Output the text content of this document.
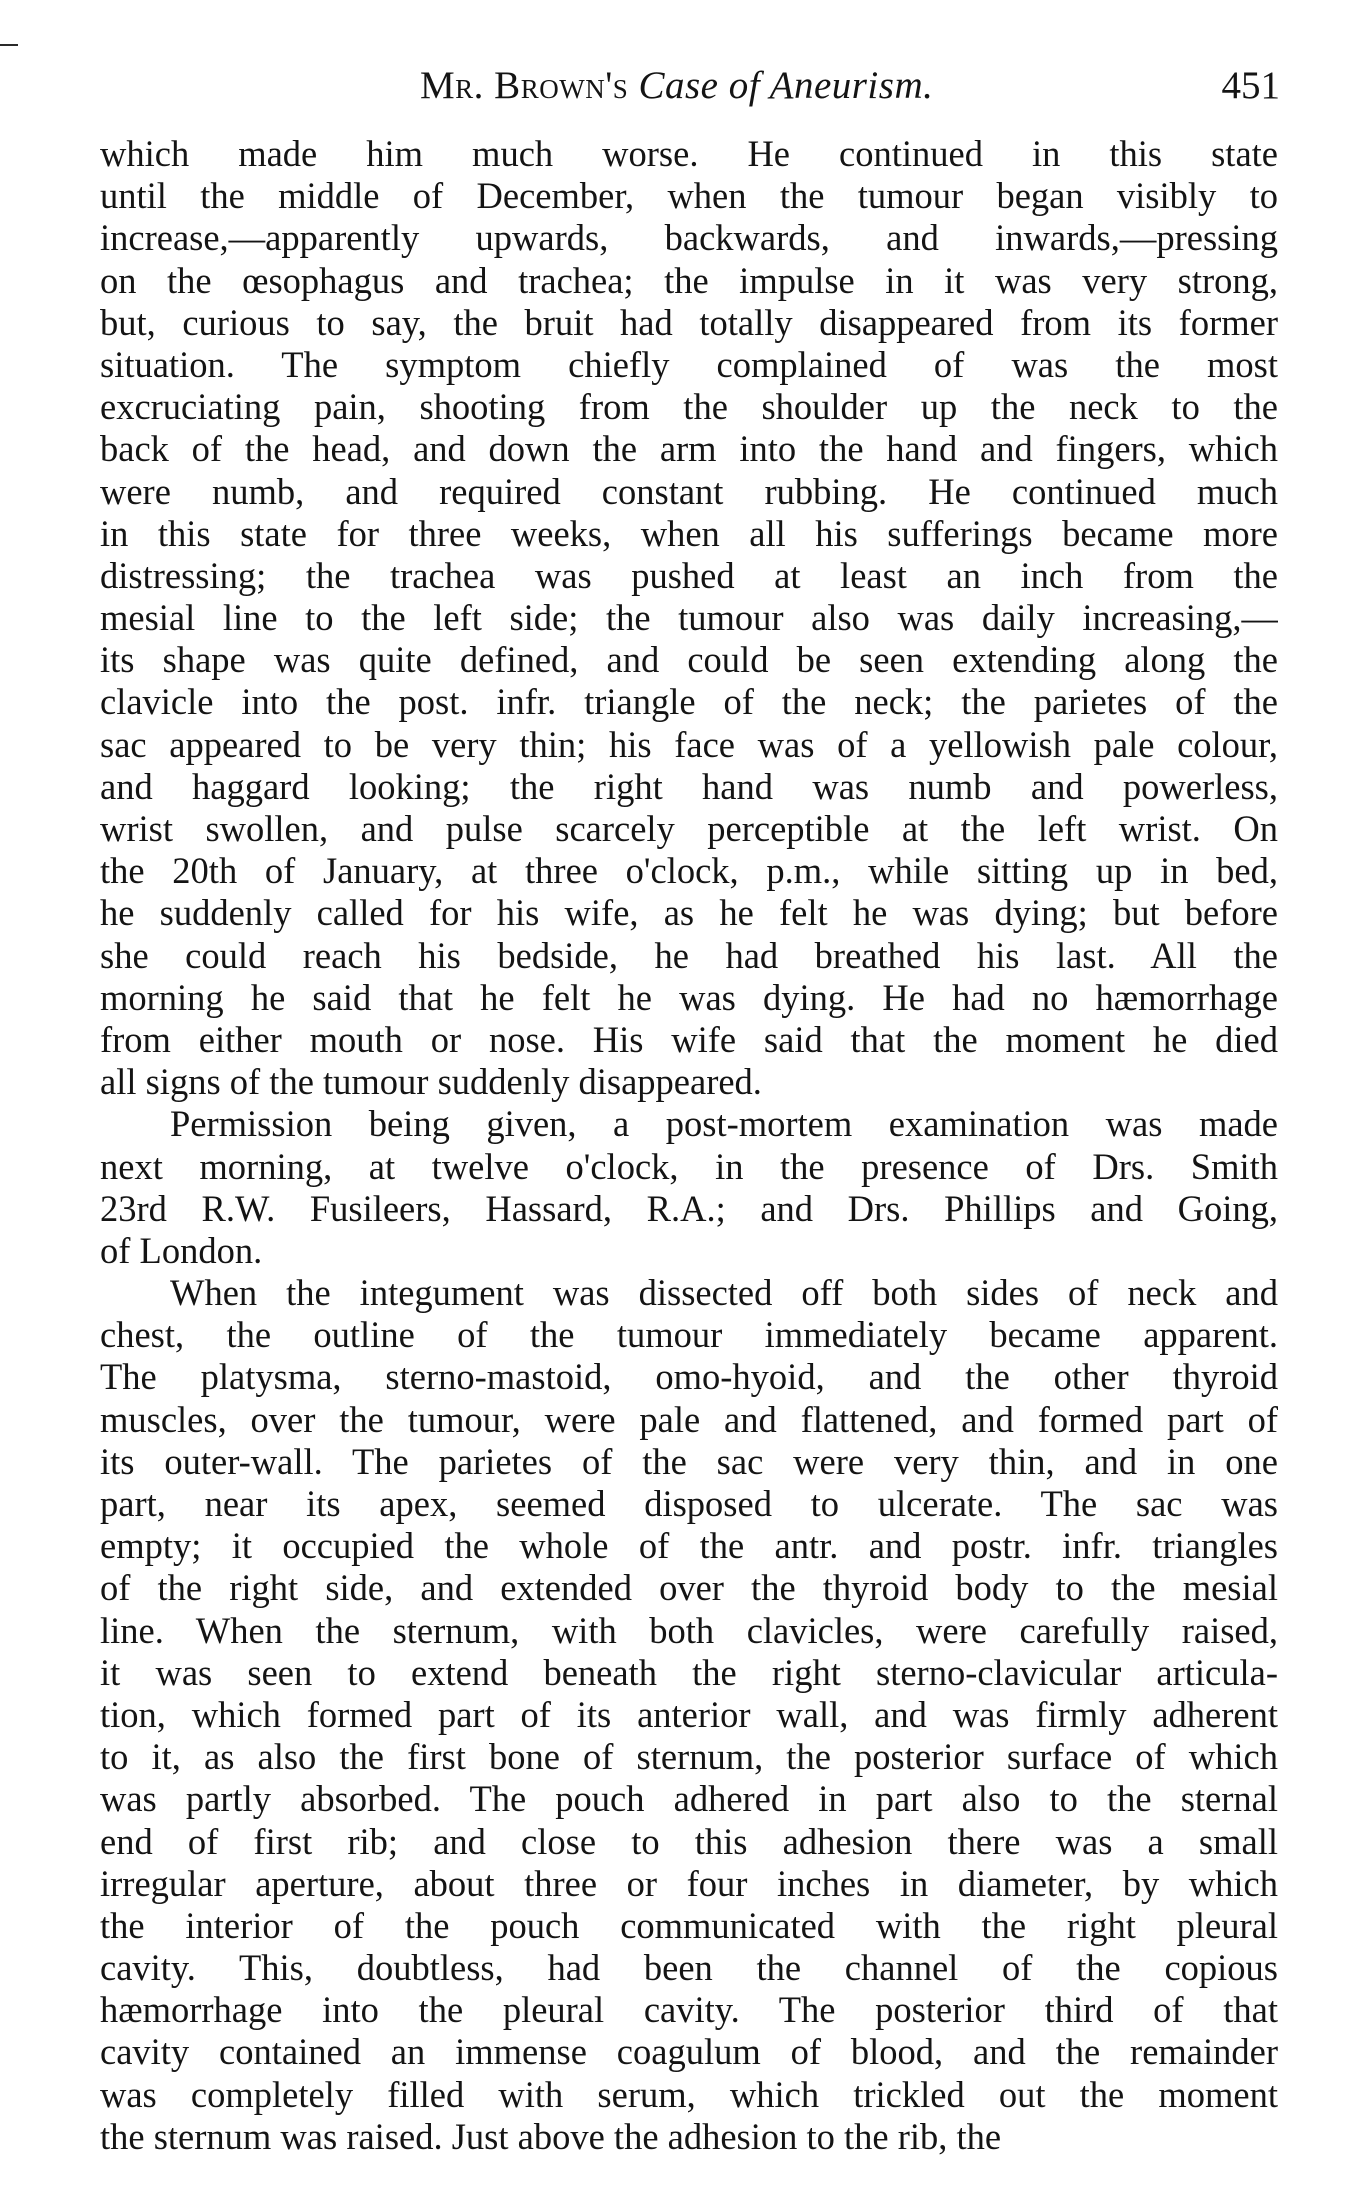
Mr. Brown's Case of Aneurism.	451
which made him much worse. He continued in this state
until the middle of December, when the tumour began visibly to
increase,—apparently upwards, backwards, and inwards,—pressing
on the œsophagus and trachea; the impulse in it was very strong,
but, curious to say, the bruit had totally disappeared from its former
situation. The symptom chiefly complained of was the most
excruciating pain, shooting from the shoulder up the neck to the
back of the head, and down the arm into the hand and fingers, which
were numb, and required constant rubbing. He continued much
in this state for three weeks, when all his sufferings became more
distressing; the trachea was pushed at least an inch from the
mesial line to the left side; the tumour also was daily increasing,—
its shape was quite defined, and could be seen extending along the
clavicle into the post. infr. triangle of the neck; the parietes of the
sac appeared to be very thin; his face was of a yellowish pale colour,
and haggard looking; the right hand was numb and powerless,
wrist swollen, and pulse scarcely perceptible at the left wrist. On
the 20th of January, at three o'clock, p.m., while sitting up in bed,
he suddenly called for his wife, as he felt he was dying; but before
she could reach his bedside, he had breathed his last. All the
morning he said that he felt he was dying. He had no hæmorrhage
from either mouth or nose. His wife said that the moment he died
all signs of the tumour suddenly disappeared.
Permission being given, a post-mortem examination was made
next morning, at twelve o'clock, in the presence of Drs. Smith
23rd R.W. Fusileers, Hassard, R.A.; and Drs. Phillips and Going,
of London.
When the integument was dissected off both sides of neck and
chest, the outline of the tumour immediately became apparent.
The platysma, sterno-mastoid, omo-hyoid, and the other thyroid
muscles, over the tumour, were pale and flattened, and formed part of
its outer-wall. The parietes of the sac were very thin, and in one
part, near its apex, seemed disposed to ulcerate. The sac was
empty; it occupied the whole of the antr. and postr. infr. triangles
of the right side, and extended over the thyroid body to the mesial
line. When the sternum, with both clavicles, were carefully raised,
it was seen to extend beneath the right sterno-clavicular articula-
tion, which formed part of its anterior wall, and was firmly adherent
to it, as also the first bone of sternum, the posterior surface of which
was partly absorbed. The pouch adhered in part also to the sternal
end of first rib; and close to this adhesion there was a small
irregular aperture, about three or four inches in diameter, by which
the interior of the pouch communicated with the right pleural
cavity. This, doubtless, had been the channel of the copious
hæmorrhage into the pleural cavity. The posterior third of that
cavity contained an immense coagulum of blood, and the remainder
was completely filled with serum, which trickled out the moment
the sternum was raised. Just above the adhesion to the rib, the
